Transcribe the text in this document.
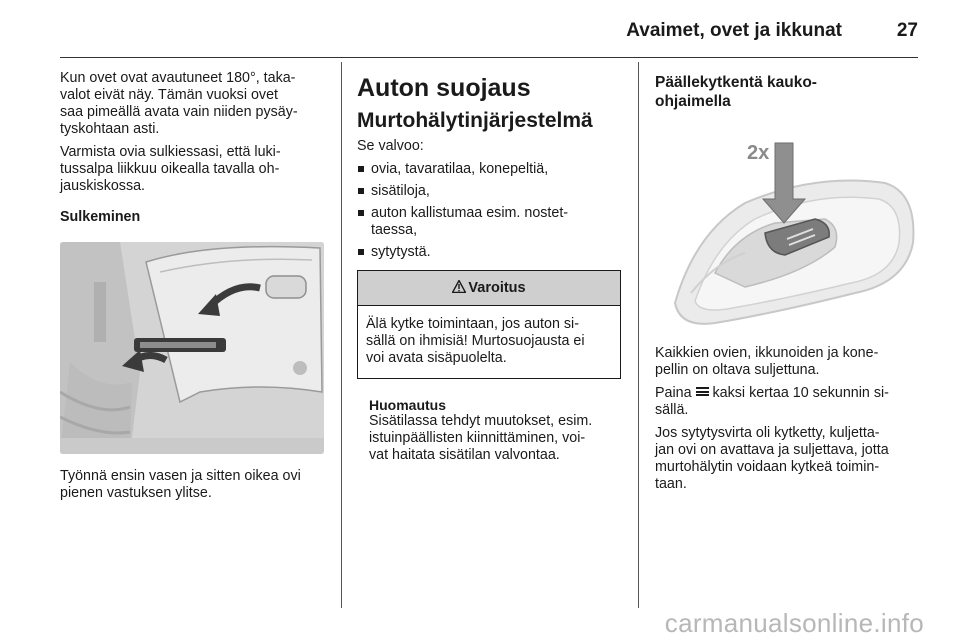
Avaimet, ovet ja ikkunat	27

Kun ovet ovat avautuneet 180°, taka-
valot eivät näy. Tämän vuoksi ovet
saa pimeällä avata vain niiden pysäy-
tyskohtaan asti.

Varmista ovia sulkiessasi, että luki-
tussalpa liikkuu oikealla tavalla oh-
jauskiskossa.

Sulkeminen

Työnnä ensin vasen ja sitten oikea ovi
pienen vastuksen ylitse.

Auton suojaus
Murtohälytinjärjestelmä

Se valvoo:

ovia, tavaratilaa, konepeltiä,
sisätiloja,
auton kallistumaa esim. nostet-
taessa,
sytytystä.
Varoitus
Älä kytke toimintaan, jos auton si-
sällä on ihmisiä! Murtosuojausta ei
voi avata sisäpuolelta.
Huomautus
Sisätilassa tehdyt muutokset, esim.
istuinpäällisten kiinnittäminen, voi-
vat haitata sisätilan valvontaa.
Päällekytkentä kauko-
ohjaimella
2x

Kaikkien ovien, ikkunoiden ja kone-
pellin on oltava suljettuna.

Paina
kaksi kertaa 10 sekunnin si-
sällä.

Jos sytytysvirta oli kytketty, kuljetta-
jan ovi on avattava ja suljettava, jotta
murtohälytin voidaan kytkeä toimin-
taan.

carmanualsonline.info
